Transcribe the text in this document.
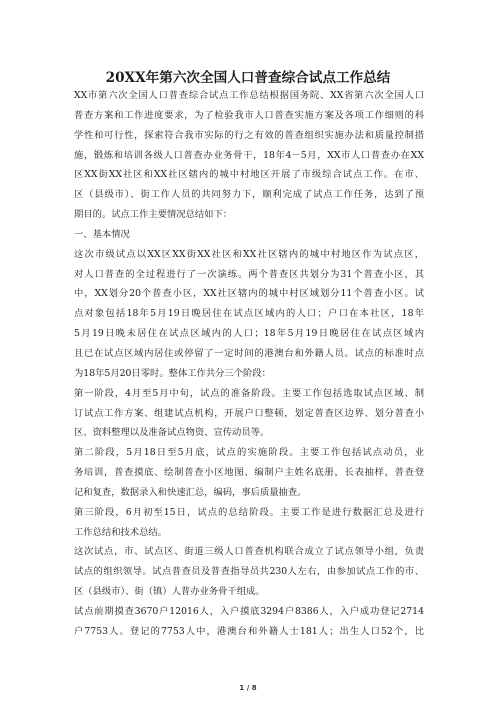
20XX年第六次全国人口普查综合试点工作总结
XX市第六次全国人口普查综合试点工作总结根据国务院、XX省第六次全国人口
普查方案和工作进度要求，为了检验我市人口普查实施方案及各项工作细则的科
学性和可行性，探索符合我市实际的行之有效的普查组织实施办法和质量控制措
施，锻炼和培训各级人口普查办业务骨干，18年4－5月，XX市人口普查办在XX
区XX街XX社区和XX社区辖内的城中村地区开展了市级综合试点工作。在市、
区（县级市）、街工作人员的共同努力下，顺利完成了试点工作任务，达到了预
期目的。试点工作主要情况总结如下：
一、基本情况
这次市级试点以XX区XX街XX社区和XX社区辖内的城中村地区作为试点区，
对人口普查的全过程进行了一次演练。两个普查区共划分为31个普查小区，其
中，XX划分20个普查小区，XX社区辖内的城中村区域划分11个普查小区。试
点对象包括18年5月19日晚居住在试点区域内的人口；户口在本社区，18年
5月19日晚未居住在试点区域内的人口；18年5月19日晚居住在试点区域内
且已在试点区域内居住或停留了一定时间的港澳台和外籍人员。试点的标准时点
为18年5月20日零时。整体工作共分三个阶段：
第一阶段，4月至5月中旬，试点的准备阶段。主要工作包括选取试点区域、制
订试点工作方案、组建试点机构，开展户口整顿，划定普查区边界、划分普查小
区、资料整理以及准备试点物资、宣传动员等。
第二阶段，5月18日至5月底，试点的实施阶段。主要工作包括试点动员，业
务培训，普查摸底、绘制普查小区地图、编制户主姓名底册，长表抽样，普查登
记和复查，数据录入和快速汇总，编码，事后质量抽查。
第三阶段，6月初至15日，试点的总结阶段。主要工作是进行数据汇总及进行
工作总结和技术总结。
这次试点，市、试点区、街道三级人口普查机构联合成立了试点领导小组，负责
试点的组织领导。试点普查员及普查指导员共230人左右，由参加试点工作的市、
区（县级市）、街（镇）人普办业务骨干组成。
试点前期摸查3670户12016人，入户摸底3294户8386人，入户成功登记2714
户7753人。登记的7753人中，港澳台和外籍人士181人；出生人口52个，比
1 / 8
